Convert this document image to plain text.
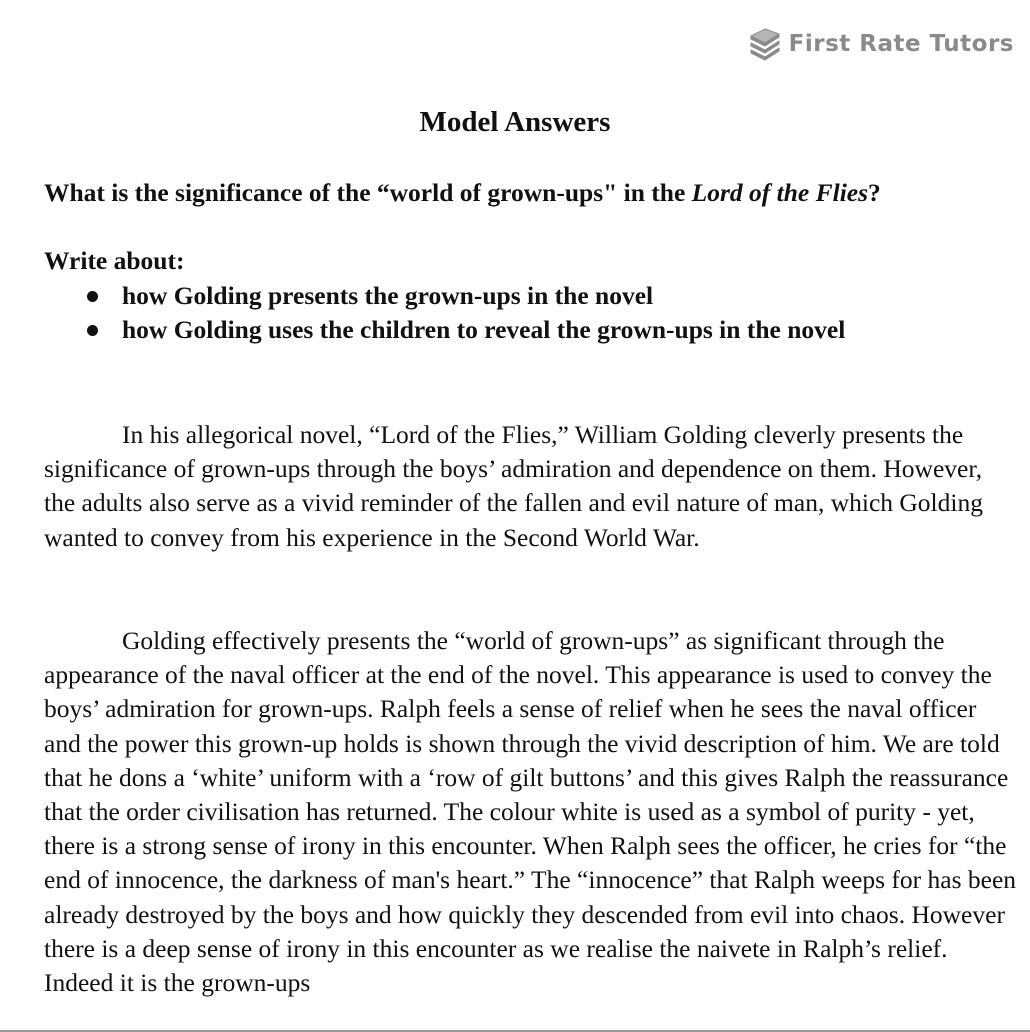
First Rate Tutors
Model Answers

What is the significance of the “world of grown-ups" in the Lord of the Flies?

Write about:

how Golding presents the grown-ups in the novel
how Golding uses the children to reveal the grown-ups in the novel

In his allegorical novel, “Lord of the Flies,” William Golding cleverly presents the significance of grown-ups through the boys’ admiration and dependence on them. However, the adults also serve as a vivid reminder of the fallen and evil nature of man, which Golding wanted to convey from his experience in the Second World War.

Golding effectively presents the “world of grown-ups” as significant through the appearance of the naval officer at the end of the novel. This appearance is used to convey the boys’ admiration for grown-ups. Ralph feels a sense of relief when he sees the naval officer and the power this grown-up holds is shown through the vivid description of him. We are told that he dons a ‘white’ uniform with a ‘row of gilt buttons’ and this gives Ralph the reassurance that the order civilisation has returned. The colour white is used as a symbol of purity - yet, there is a strong sense of irony in this encounter. When Ralph sees the officer, he cries for “the end of innocence, the darkness of man's heart.” The “innocence” that Ralph weeps for has been already destroyed by the boys and how quickly they descended from evil into chaos. However there is a deep sense of irony in this encounter as we realise the naivete in Ralph’s relief. Indeed it is the grown-ups
